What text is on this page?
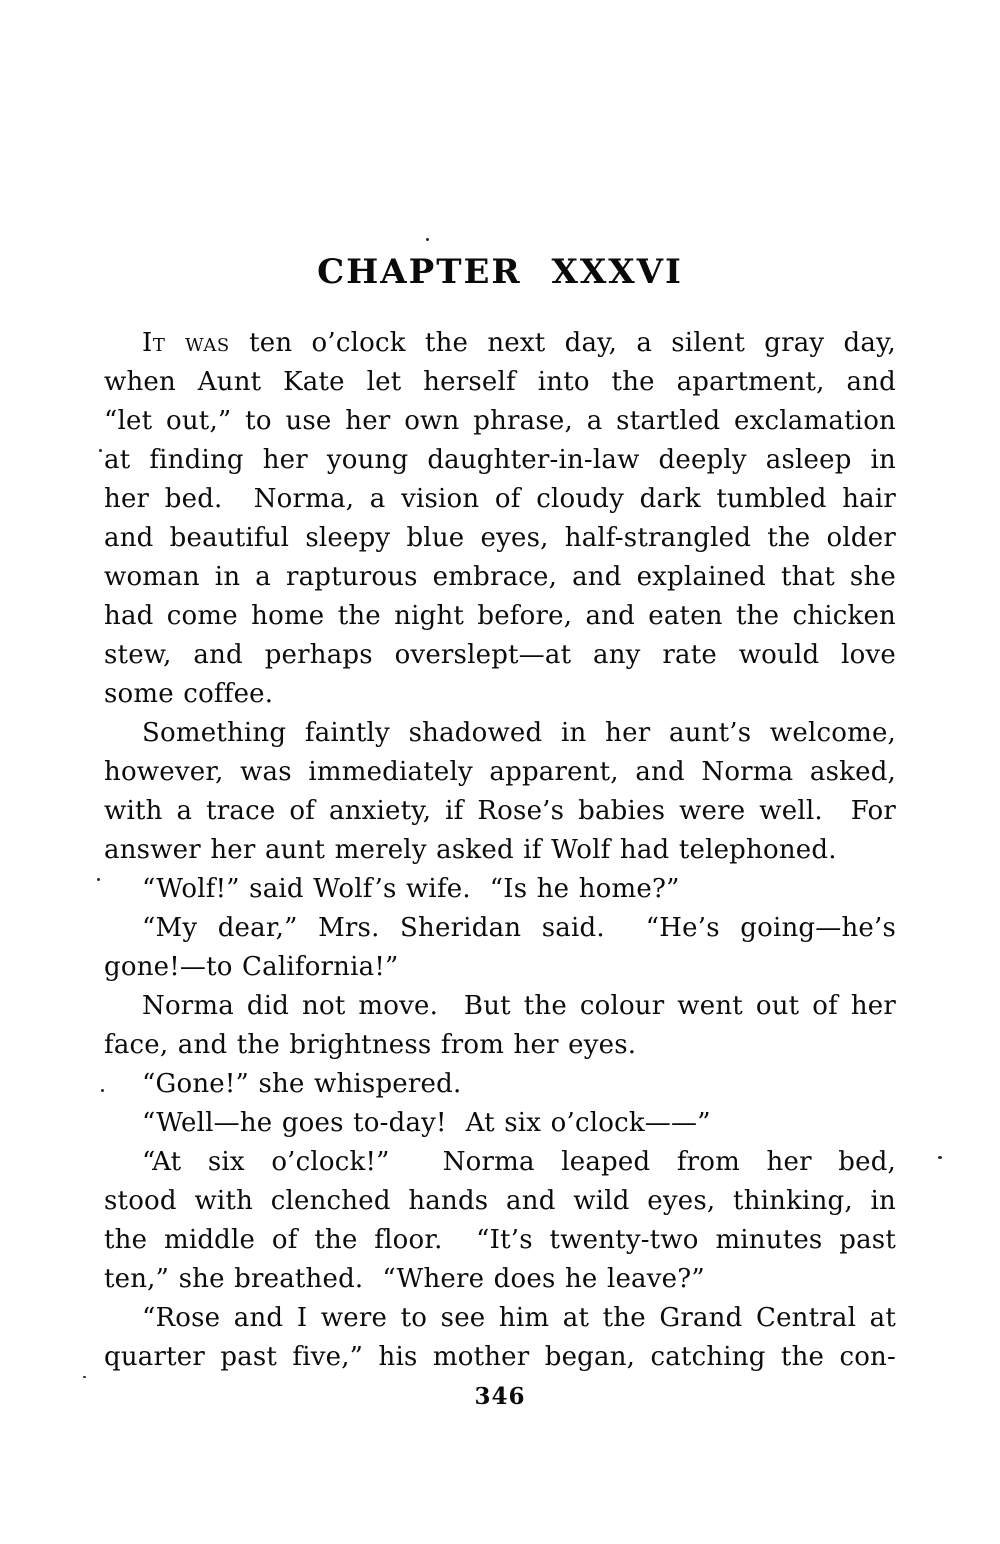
CHAPTER XXXVI
It was ten o’clock the next day, a silent gray day,
when Aunt Kate let herself into the apartment, and
“let out,” to use her own phrase, a startled exclamation
at finding her young daughter-in-law deeply asleep in
her bed.  Norma, a vision of cloudy dark tumbled hair
and beautiful sleepy blue eyes, half-strangled the older
woman in a rapturous embrace, and explained that she
had come home the night before, and eaten the chicken
stew, and perhaps overslept—at any rate would love
some coffee.
Something faintly shadowed in her aunt’s welcome,
however, was immediately apparent, and Norma asked,
with a trace of anxiety, if Rose’s babies were well.  For
answer her aunt merely asked if Wolf had telephoned.
“Wolf!” said Wolf’s wife.  “Is he home?”
“My dear,” Mrs. Sheridan said.  “He’s going—he’s
gone!—to California!”
Norma did not move.  But the colour went out of her
face, and the brightness from her eyes.
“Gone!” she whispered.
“Well—he goes to-day!  At six o’clock——”
“At six o’clock!”  Norma leaped from her bed,
stood with clenched hands and wild eyes, thinking, in
the middle of the floor.  “It’s twenty-two minutes past
ten,” she breathed.  “Where does he leave?”
“Rose and I were to see him at the Grand Central at
quarter past five,” his mother began, catching the con-
346
